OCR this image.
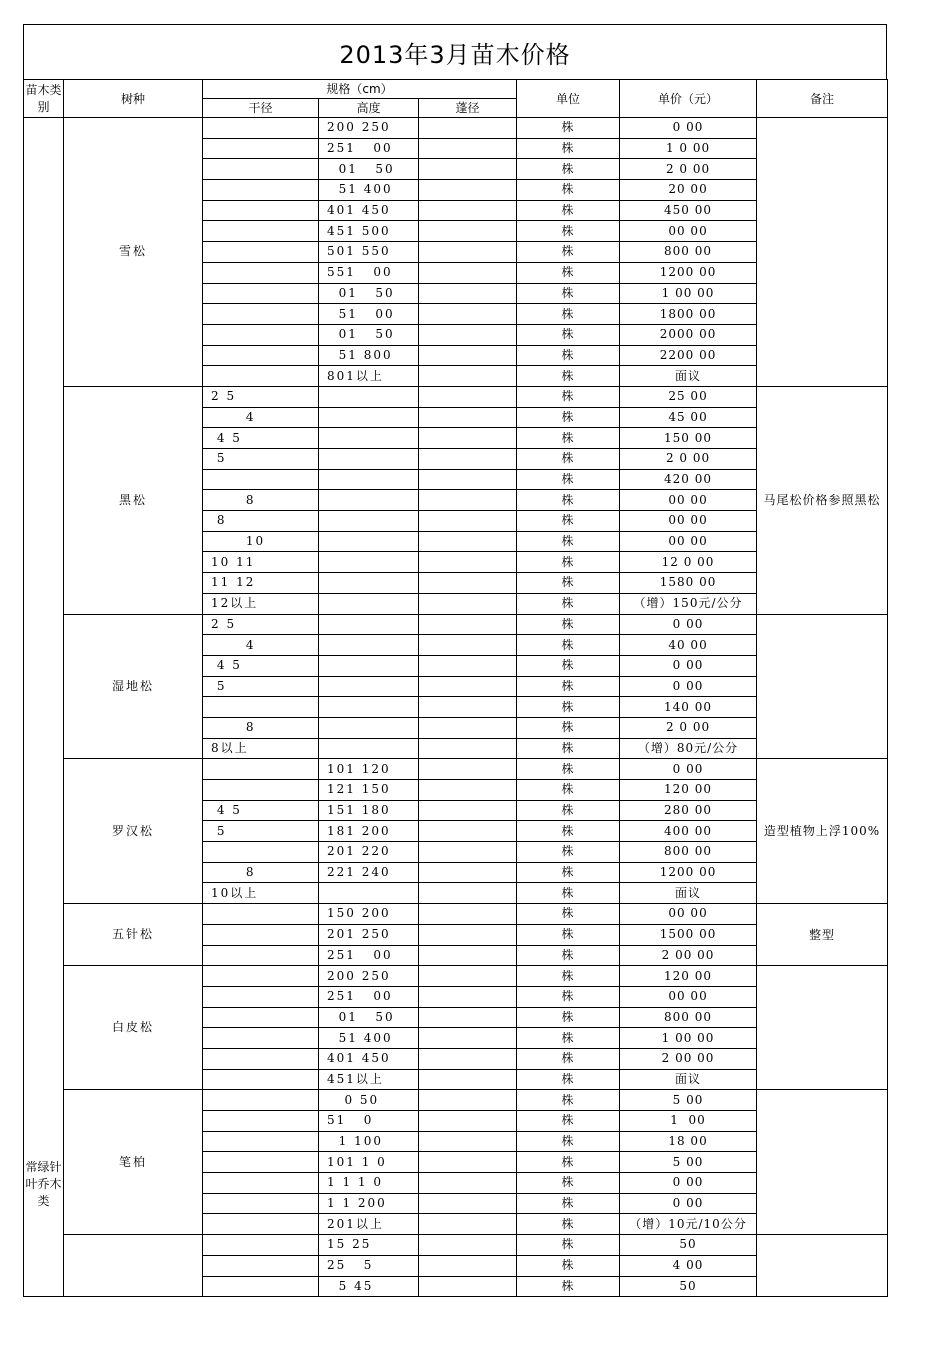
2013年3月苗木价格
苗木类别	树种	规格（cm）			单位	单价（元）	备注
		干径	高度	蓬径			
常绿针叶乔木类	雪松		200 250		株	0 00	
			251   00		株	1 0 00	
			01   50		株	2 0 00	
			51 400		株	20 00	
			401 450		株	450 00	
			451 500		株	00 00	
			501 550		株	800 00	
			551   00		株	1200 00	
			01   50		株	1 00 00	
			51   00		株	1800 00	
			01   50		株	2000 00	
			51 800		株	2200 00	
			801以上		株	面议	
	黑松	2 5			株	25 00	马尾松价格参照黑松
		4			株	45 00	
		4 5			株	150 00	
		5			株	2 0 00	
					株	420 00	
		8			株	00 00	
		8			株	00 00	
		10			株	00 00	
		10 11			株	12 0 00	
		11 12			株	1580 00	
		12以上			株	（增）150元/公分	
	湿地松	2 5			株	0 00	
		4			株	40 00	
		4 5			株	0 00	
		5			株	0 00	
					株	140 00	
		8			株	2 0 00	
		8以上			株	（增）80元/公分	
	罗汉松		101 120		株	0 00	造型植物上浮100%
			121 150		株	120 00	
		4 5	151 180		株	280 00	
		5	181 200		株	400 00	
			201 220		株	800 00	
		8	221 240		株	1200 00	
		10以上			株	面议	
	五针松		150 200		株	00 00	整型
			201 250		株	1500 00	
			251   00		株	2 00 00	
	白皮松		200 250		株	120 00	
			251   00		株	00 00	
			01   50		株	800 00	
			51 400		株	1 00 00	
			401 450		株	2 00 00	
			451以上		株	面议	
	笔柏		0 50		株	5 00	
			51   0		株	1  00	
			1 100		株	18 00	
			101 1 0		株	5 00	
			1 1 1 0		株	0 00	
			1 1 200		株	0 00	
			201以上		株	（增）10元/10公分	
			15 25		株	50	
			25   5		株	4 00	
			5 45		株	50	
